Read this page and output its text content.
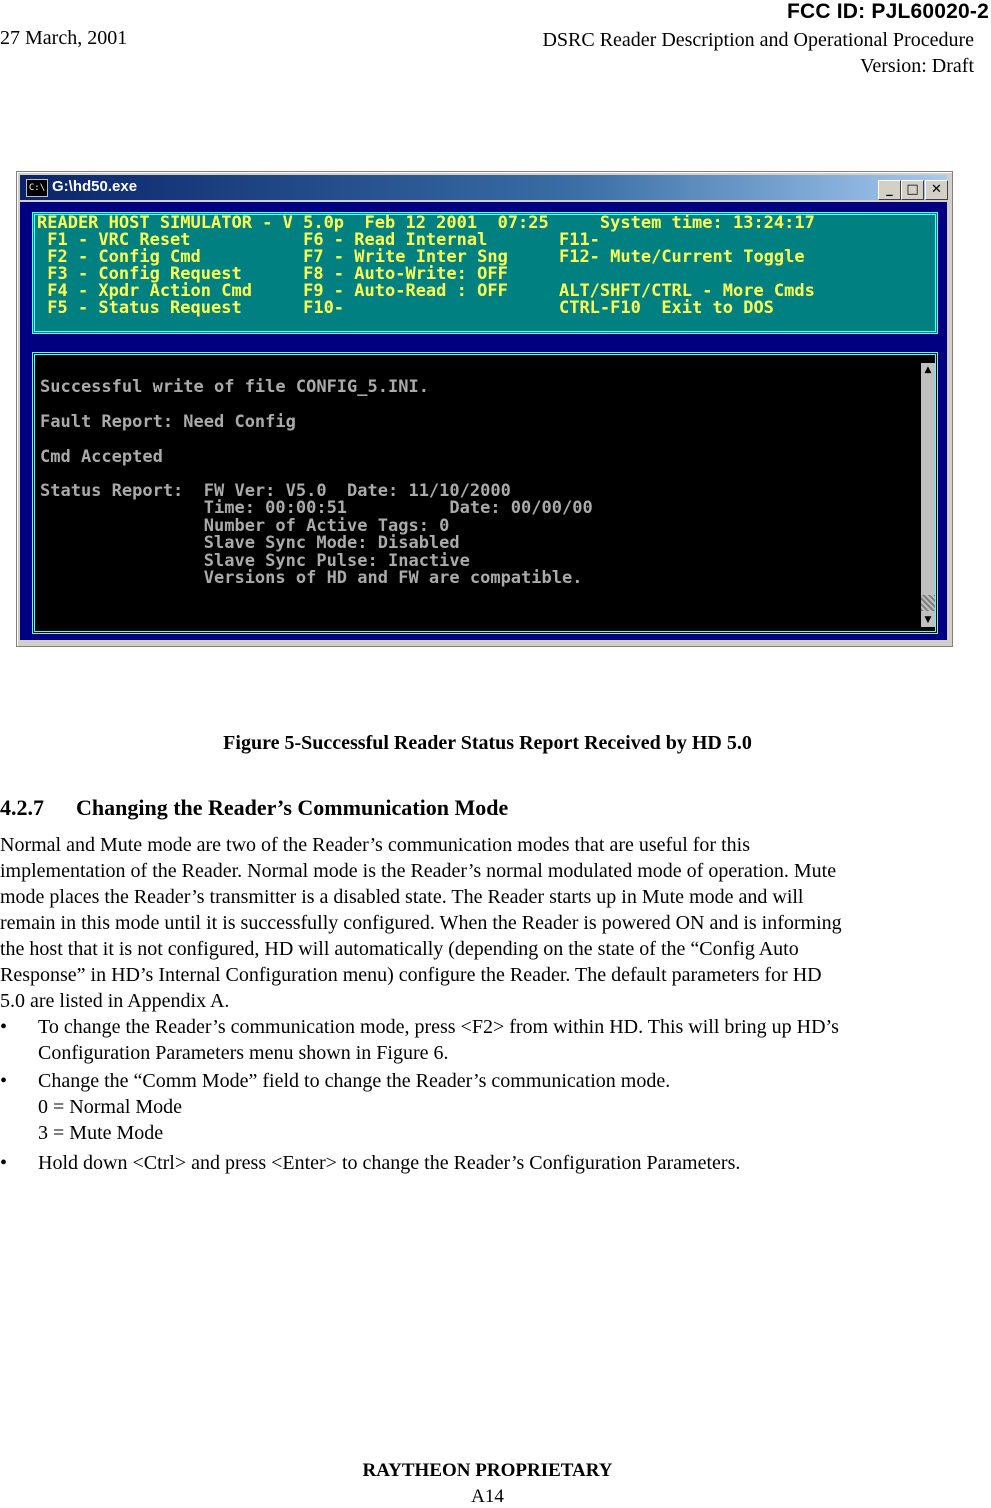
FCC ID: PJL60020-2
27 March, 2001	DSRC Reader Description and Operational Procedure
Version: Draft
C:\ G:\hd50.exe	_	□ ✕
READER HOST SIMULATOR - V 5.0p  Feb 12 2001  07:25     System time: 13:24:17
F1 - VRC Reset           F6 - Read Internal       F11-
F2 - Config Cmd          F7 - Write Inter Sng     F12- Mute/Current Toggle
F3 - Config Request      F8 - Auto-Write: OFF
F4 - Xpdr Action Cmd     F9 - Auto-Read : OFF     ALT/SHFT/CTRL - More Cmds
F5 - Status Request      F10-                     CTRL-F10  Exit to DOS
Successful write of file CONFIG_5.INI.
Fault Report: Need Config
Cmd Accepted
Status Report:  FW Ver: V5.0  Date: 11/10/2000
Time: 00:00:51          Date: 00/00/00
Number of Active Tags: 0
Slave Sync Mode: Disabled
Slave Sync Pulse: Inactive
Versions of HD and FW are compatible.
▲
▼
Figure 5-Successful Reader Status Report Received by HD 5.0
4.2.7 Changing the Reader’s Communication Mode
Normal and Mute mode are two of the Reader’s communication modes that are useful for this
implementation of the Reader. Normal mode is the Reader’s normal modulated mode of operation. Mute
mode places the Reader’s transmitter is a disabled state. The Reader starts up in Mute mode and will
remain in this mode until it is successfully configured. When the Reader is powered ON and is informing
the host that it is not configured, HD will automatically (depending on the state of the “Config Auto
Response” in HD’s Internal Configuration menu) configure the Reader. The default parameters for HD
5.0 are listed in Appendix A.
• To change the Reader’s communication mode, press <F2> from within HD. This will bring up HD’s
Configuration Parameters menu shown in Figure 6.
• Change the “Comm Mode” field to change the Reader’s communication mode.
0 = Normal Mode
3 = Mute Mode
• Hold down <Ctrl> and press <Enter> to change the Reader’s Configuration Parameters.
RAYTHEON PROPRIETARY
A14
